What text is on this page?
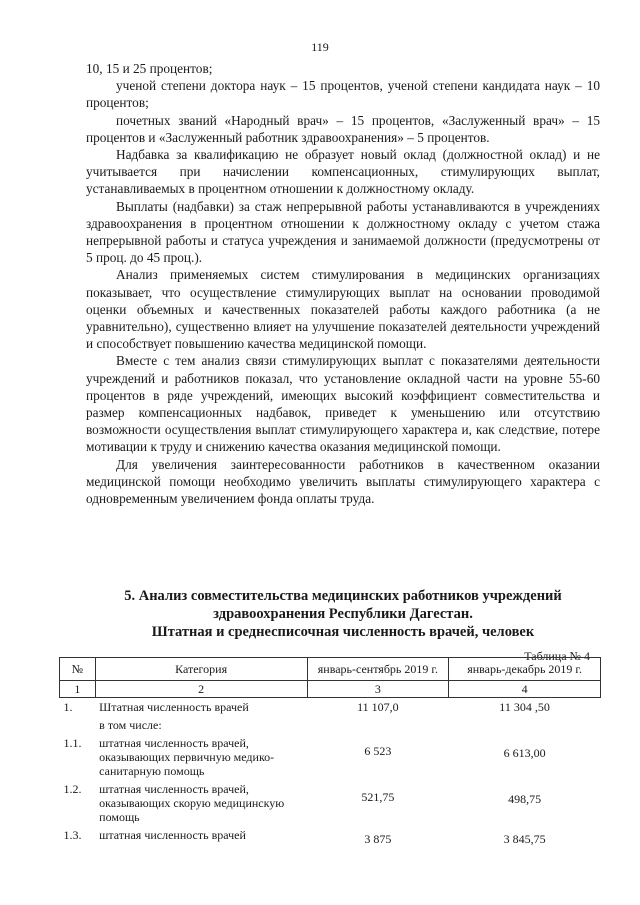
119

10, 15 и 25 процентов;

ученой степени доктора наук – 15 процентов, ученой степени кандидата наук – 10 процентов;

почетных званий «Народный врач» – 15 процентов, «Заслуженный врач» – 15 процентов и «Заслуженный работник здравоохранения» – 5 процентов.

Надбавка за квалификацию не образует новый оклад (должностной оклад) и не учитывается при начислении компенсационных, стимулирующих выплат, устанавливаемых в процентном отношении к должностному окладу.

Выплаты (надбавки) за стаж непрерывной работы устанавливаются в учреждениях здравоохранения в процентном отношении к должностному окладу с учетом стажа непрерывной работы и статуса учреждения и занимаемой должности (предусмотрены от 5 проц. до 45 проц.).

Анализ применяемых систем стимулирования в медицинских организациях показывает, что осуществление стимулирующих выплат на основании проводимой оценки объемных и качественных показателей работы каждого работника (а не уравнительно), существенно влияет на улучшение показателей деятельности учреждений и способствует повышению качества медицинской помощи.

Вместе с тем анализ связи стимулирующих выплат с показателями деятельности учреждений и работников показал, что установление окладной части на уровне 55-60 процентов в ряде учреждений, имеющих высокий коэффициент совместительства и размер компенсационных надбавок, приведет к уменьшению или отсутствию возможности осуществления выплат стимулирующего характера и, как следствие, потере мотивации к труду и снижению качества оказания медицинской помощи.

Для увеличения заинтересованности работников в качественном оказании медицинской помощи необходимо увеличить выплаты стимулирующего характера с одновременным увеличением фонда оплаты труда.

5. Анализ совместительства медицинских работников учреждений
здравоохранения Республики Дагестан.
Штатная и среднесписочная численность врачей, человек
Таблица № 4
№	Категория	январь-сентябрь 2019 г.	январь-декабрь 2019 г.
1	2	3	4
1.	Штатная численность врачей	11 107,0	11 304 ,50
	в том числе:		
1.1.	штатная численность врачей, оказывающих первичную медико-санитарную помощь	6 523	6 613,00
1.2.	штатная численность врачей, оказывающих скорую медицинскую помощь	521,75	498,75
1.3.	штатная численность врачей	3 875	3 845,75
